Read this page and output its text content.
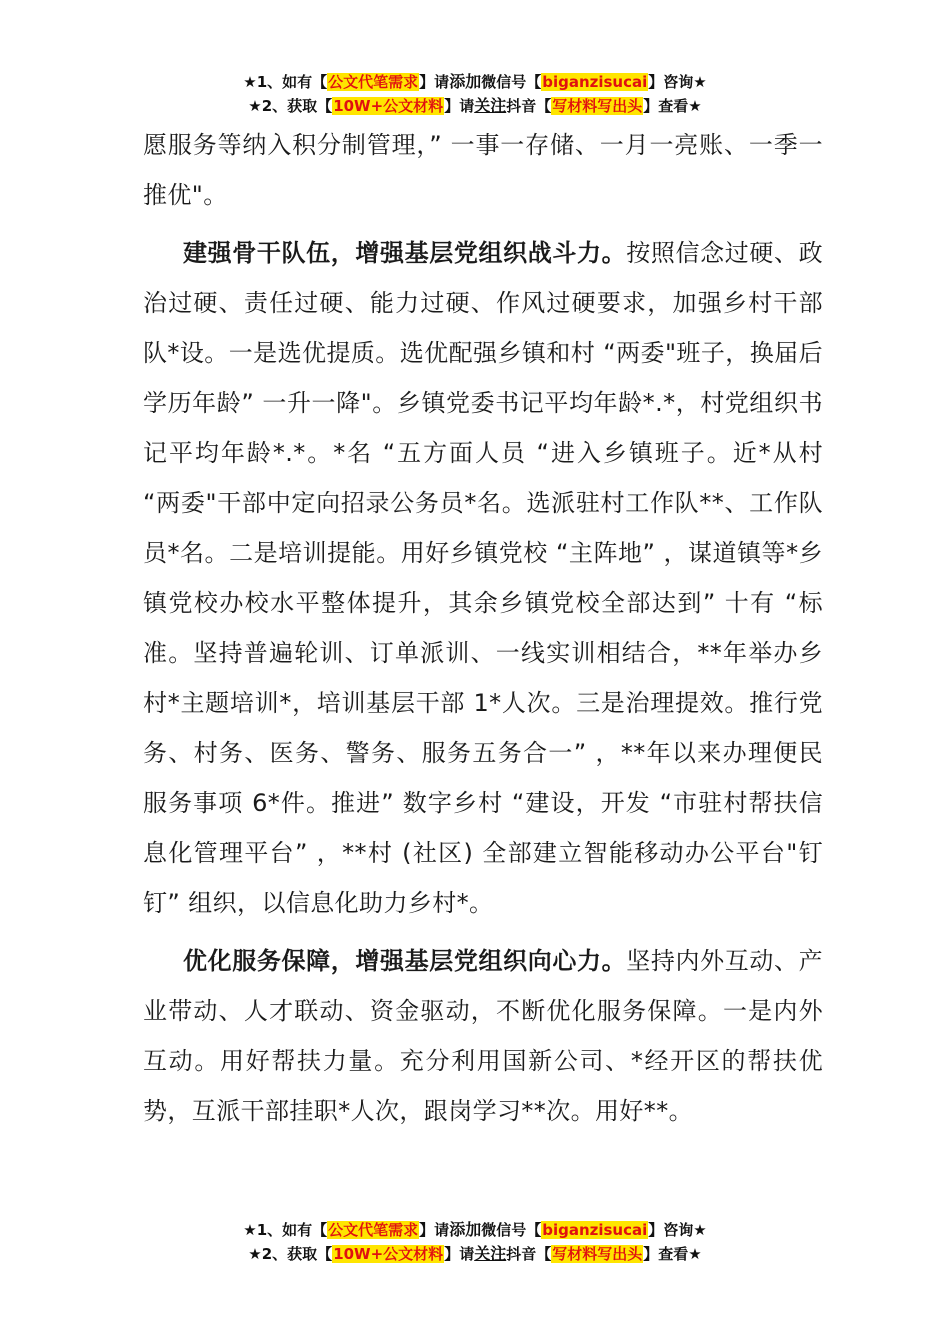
★1、如有【公文代笔需求】请添加微信号【biganzisucai】咨询★
★2、获取【10W+公文材料】请关注抖音【写材料写出头】查看★

愿服务等纳入积分制管理，” 一事一存储、一月一亮账、一季一推优"。

建强骨干队伍，增强基层党组织战斗力。按照信念过硬、政治过硬、责任过硬、能力过硬、作风过硬要求，加强乡村干部队*设。一是选优提质。选优配强乡镇和村 “两委"班子，换届后学历年龄” 一升一降"。乡镇党委书记平均年龄*.*，村党组织书记平均年龄*.*。*名 “五方面人员 “进入乡镇班子。近*从村 “两委"干部中定向招录公务员*名。选派驻村工作队**、工作队员*名。二是培训提能。用好乡镇党校 “主阵地” ，谋道镇等*乡镇党校办校水平整体提升，其余乡镇党校全部达到” 十有 “标准。坚持普遍轮训、订单派训、一线实训相结合，**年举办乡村*主题培训*，培训基层干部 1*人次。三是治理提效。推行党务、村务、医务、警务、服务五务合一” ，**年以来办理便民服务事项 6*件。推进” 数字乡村 “建设，开发 “市驻村帮扶信息化管理平台” ，**村 (社区) 全部建立智能移动办公平台"钉钉” 组织，以信息化助力乡村*。

优化服务保障，增强基层党组织向心力。坚持内外互动、产业带动、人才联动、资金驱动，不断优化服务保障。一是内外互动。用好帮扶力量。充分利用国新公司、*经开区的帮扶优势，互派干部挂职*人次，跟岗学习**次。用好**。

★1、如有【公文代笔需求】请添加微信号【biganzisucai】咨询★
★2、获取【10W+公文材料】请关注抖音【写材料写出头】查看★
